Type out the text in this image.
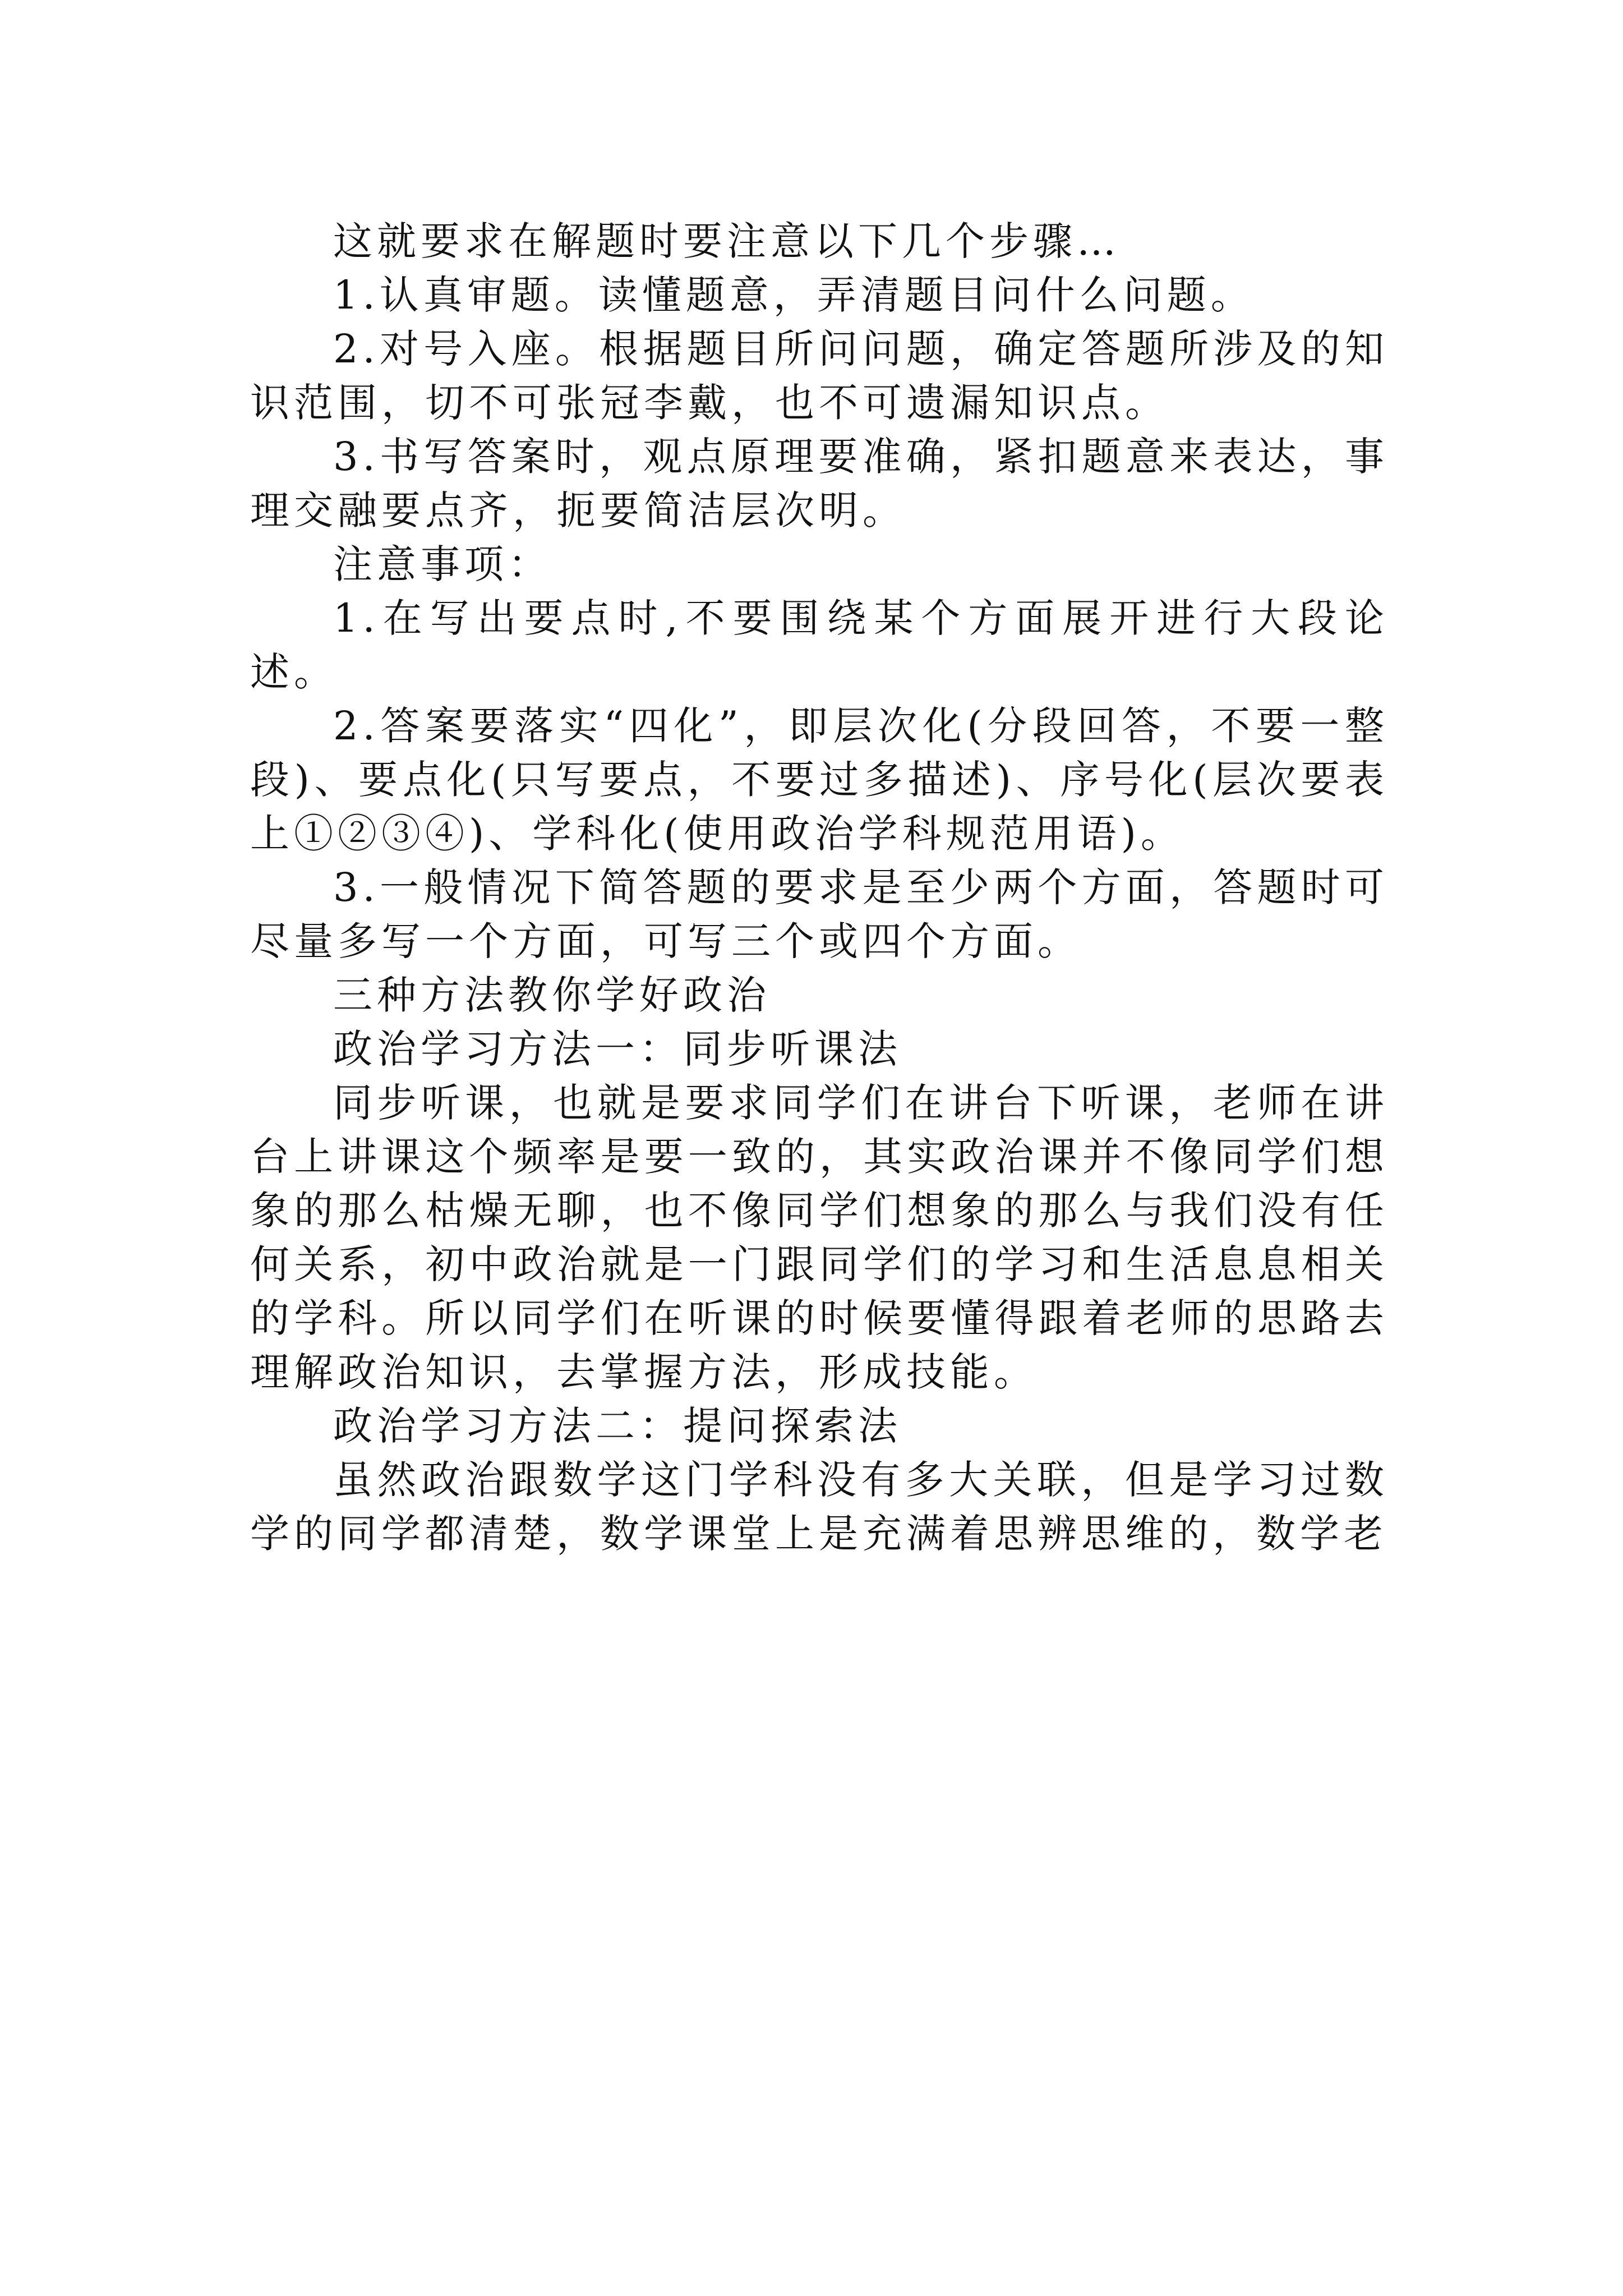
这就要求在解题时要注意以下几个步骤…

1.认真审题。读懂题意，弄清题目问什么问题。

2.对号入座。根据题目所问问题，确定答题所涉及的知识范围，切不可张冠李戴，也不可遗漏知识点。

3.书写答案时，观点原理要准确，紧扣题意来表达，事理交融要点齐，扼要简洁层次明。

注意事项：

1.在写出要点时,不要围绕某个方面展开进行大段论述。

2.答案要落实“四化”，即层次化(分段回答，不要一整段)、要点化(只写要点，不要过多描述)、序号化(层次要表上①②③④)、学科化(使用政治学科规范用语)。

3.一般情况下简答题的要求是至少两个方面，答题时可尽量多写一个方面，可写三个或四个方面。

三种方法教你学好政治

政治学习方法一：同步听课法

同步听课，也就是要求同学们在讲台下听课，老师在讲台上讲课这个频率是要一致的，其实政治课并不像同学们想象的那么枯燥无聊，也不像同学们想象的那么与我们没有任何关系，初中政治就是一门跟同学们的学习和生活息息相关的学科。所以同学们在听课的时候要懂得跟着老师的思路去理解政治知识，去掌握方法，形成技能。

政治学习方法二：提问探索法

虽然政治跟数学这门学科没有多大关联，但是学习过数学的同学都清楚，数学课堂上是充满着思辨思维的，数学老
